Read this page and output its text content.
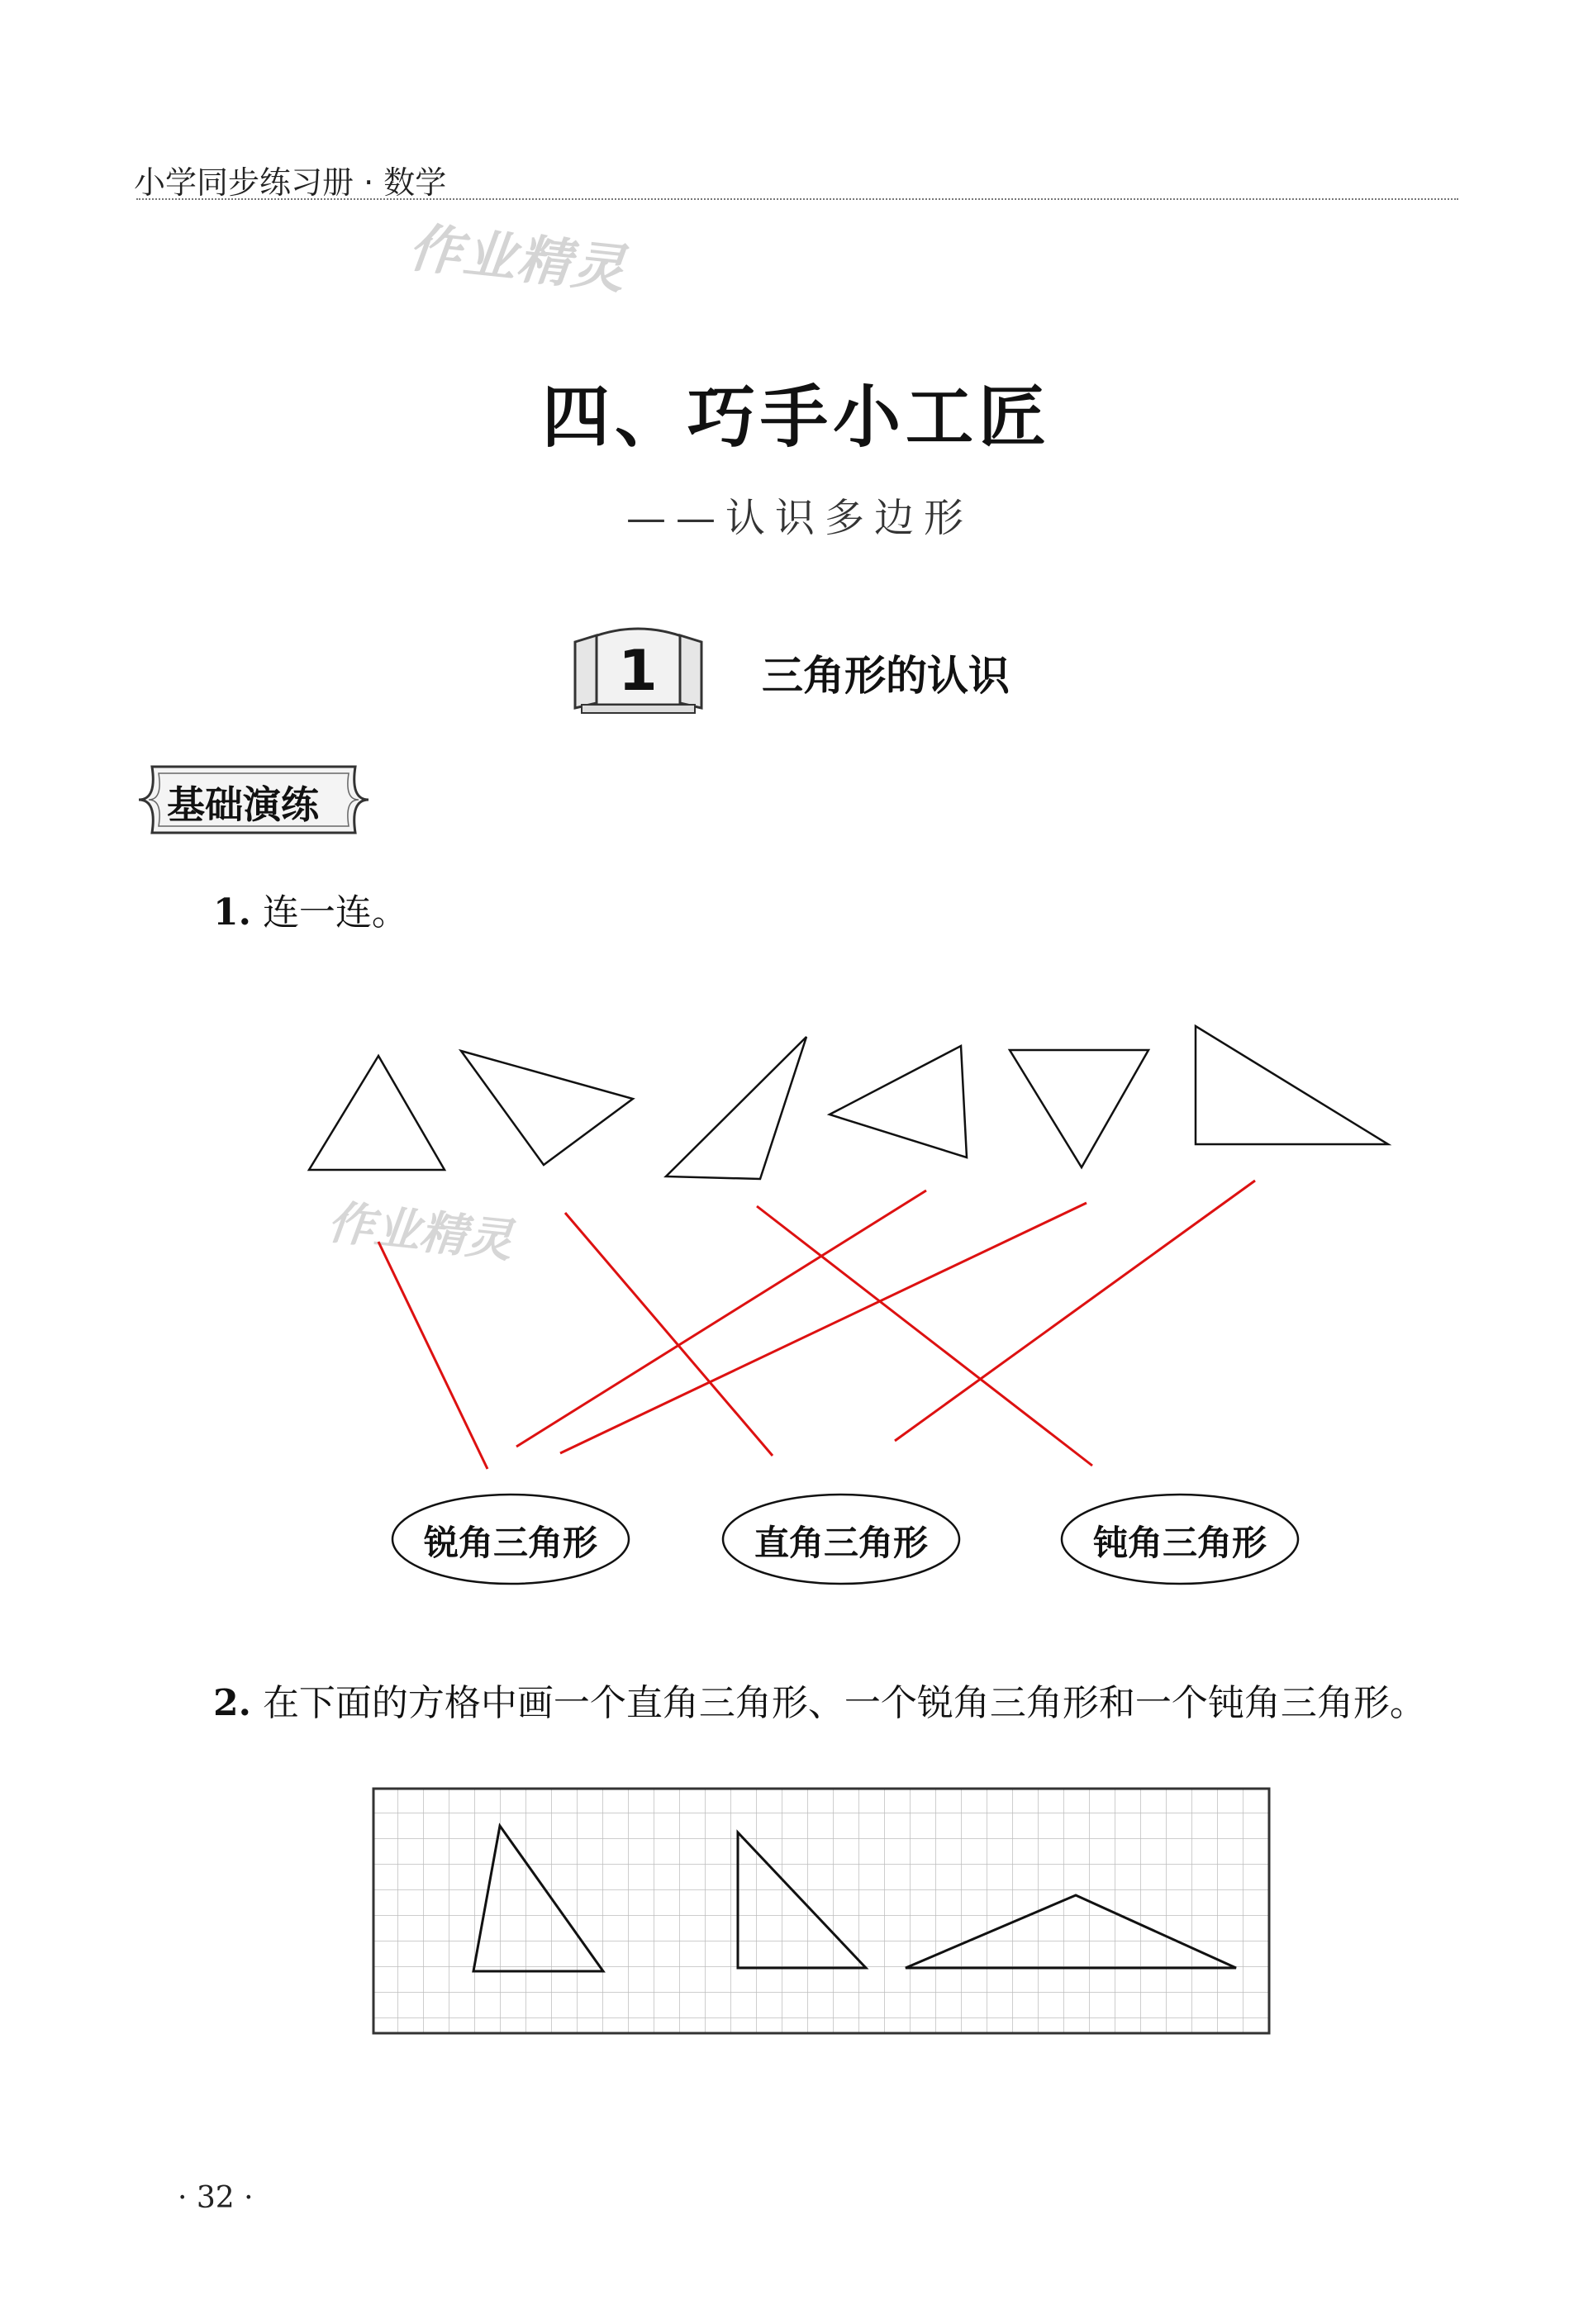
小学同步练习册 · 数学
作业精灵
四、巧手小工匠
——认识多边形
1	三角形的认识
基础演练
1. 连一连。
作业精灵
锐角三角形	直角三角形	钝角三角形
2. 在下面的方格中画一个直角三角形、一个锐角三角形和一个钝角三角形。
· 32 ·
